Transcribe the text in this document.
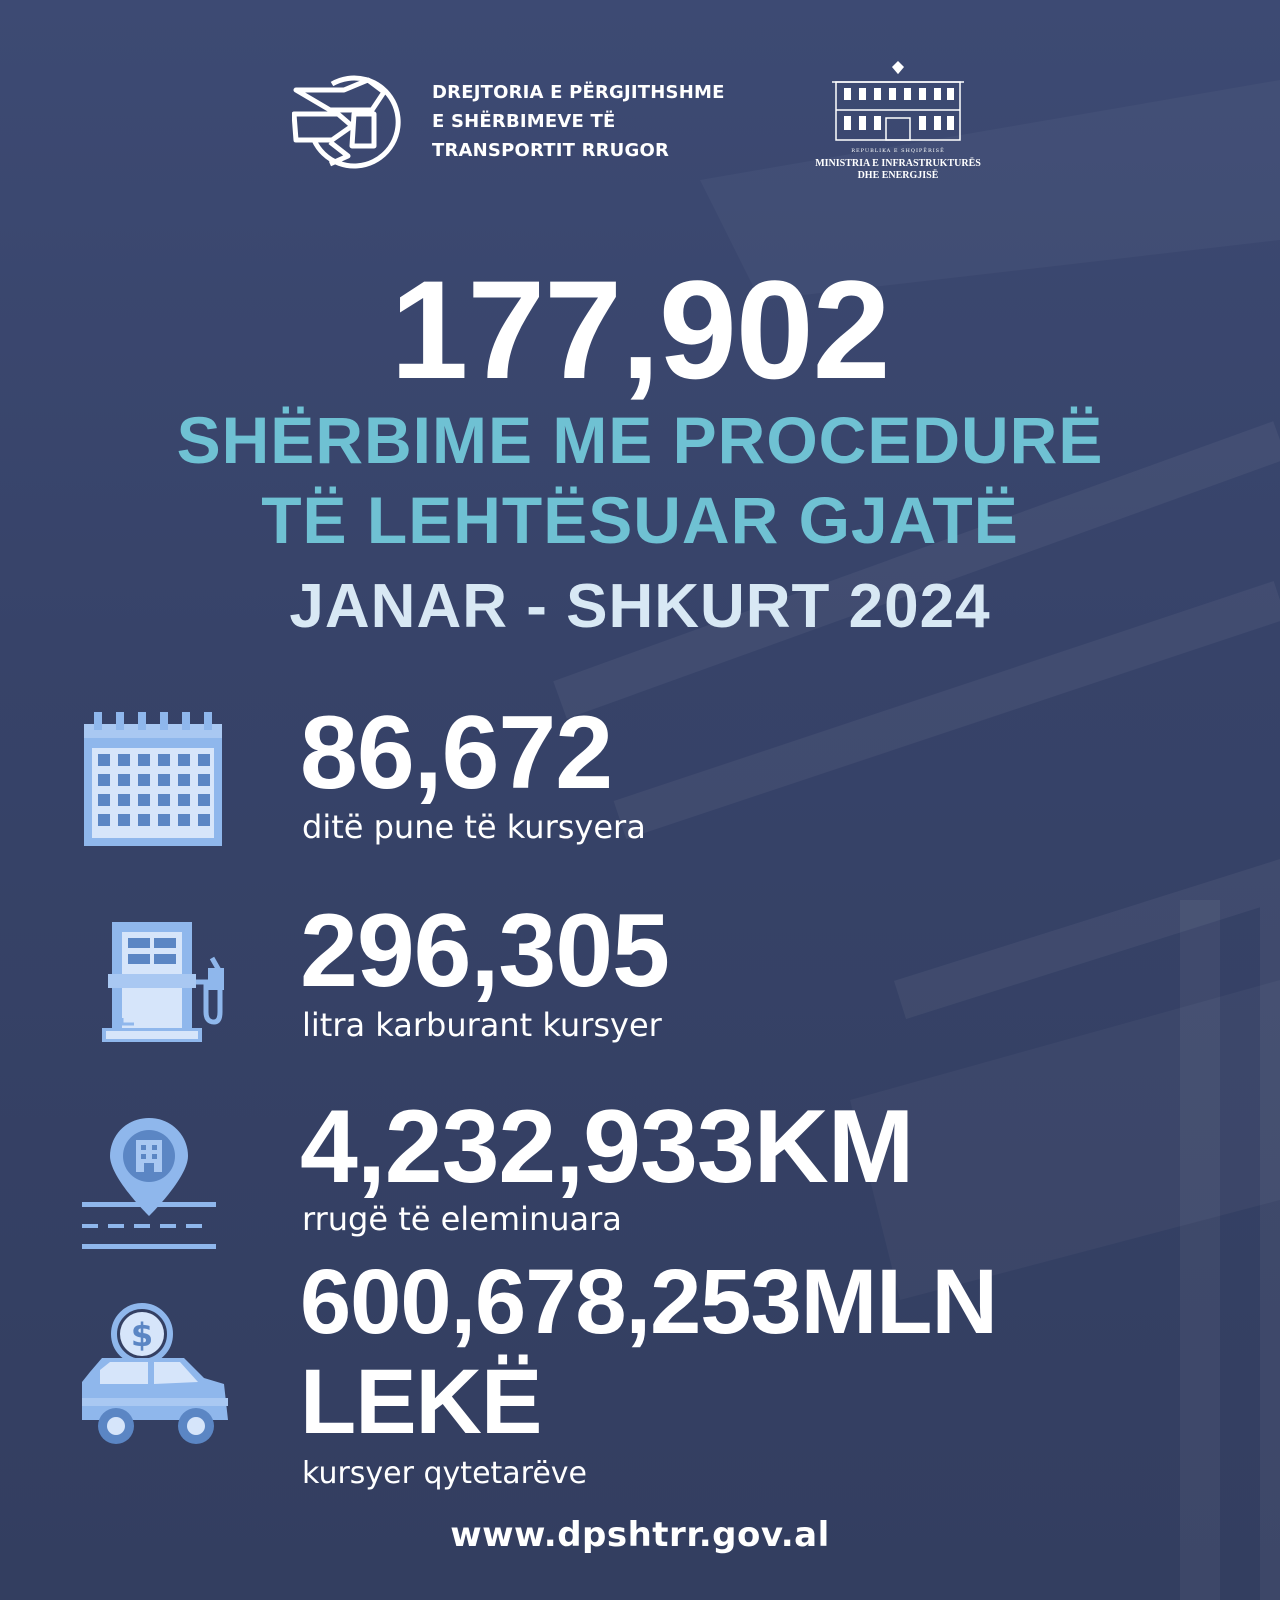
DREJTORIA E PËRGJITHSHME
E SHËRBIMEVE TË
TRANSPORTIT RRUGOR	REPUBLIKA E SHQIPËRISË
MINISTRIA E INFRASTRUKTURËS
DHE ENERGJISË
177,902
SHËRBIME ME PROCEDURË
TË LEHTËSUAR GJATË
JANAR - SHKURT 2024
86,672
ditë pune të kursyera
296,305
litra karburant kursyer
4,232,933KM
rrugë të eleminuara
$ 600,678,253MLN
LEKË
kursyer qytetarëve
www.dpshtrr.gov.al
